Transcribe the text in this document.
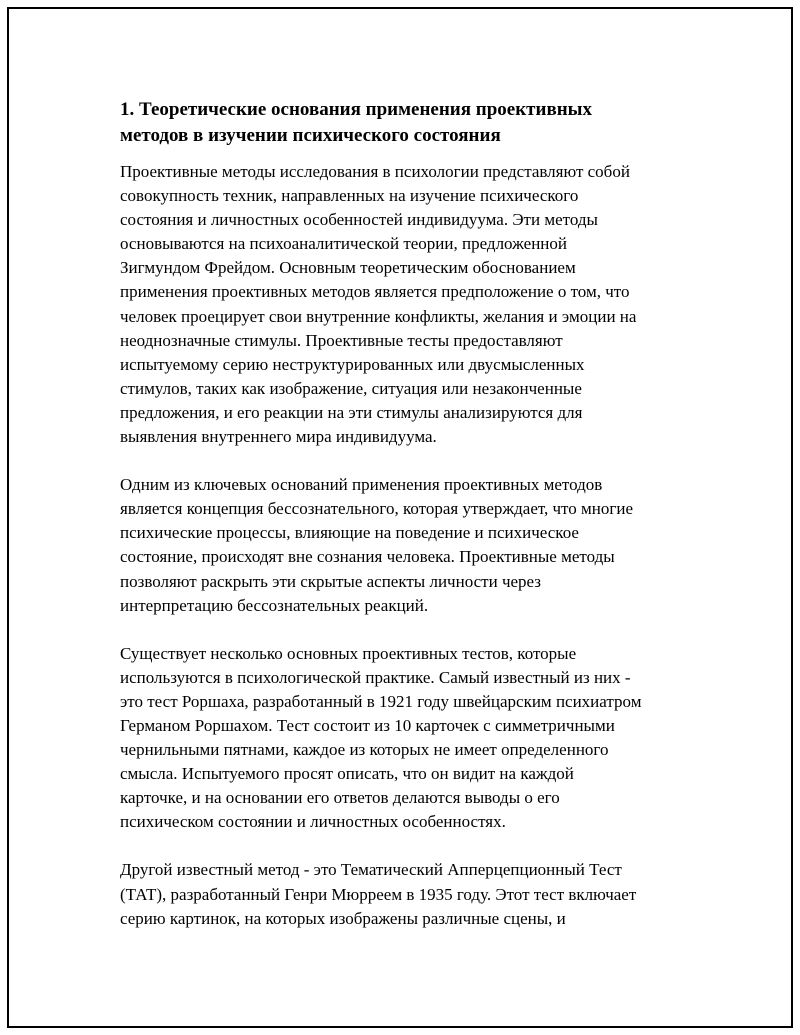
1. Теоретические основания применения проективных
методов в изучении психического состояния

Проективные методы исследования в психологии представляют собой
совокупность техник, направленных на изучение психического
состояния и личностных особенностей индивидуума. Эти методы
основываются на психоаналитической теории, предложенной
Зигмундом Фрейдом. Основным теоретическим обоснованием
применения проективных методов является предположение о том, что
человек проецирует свои внутренние конфликты, желания и эмоции на
неоднозначные стимулы. Проективные тесты предоставляют
испытуемому серию неструктурированных или двусмысленных
стимулов, таких как изображение, ситуация или незаконченные
предложения, и его реакции на эти стимулы анализируются для
выявления внутреннего мира индивидуума.

Одним из ключевых оснований применения проективных методов
является концепция бессознательного, которая утверждает, что многие
психические процессы, влияющие на поведение и психическое
состояние, происходят вне сознания человека. Проективные методы
позволяют раскрыть эти скрытые аспекты личности через
интерпретацию бессознательных реакций.

Существует несколько основных проективных тестов, которые
используются в психологической практике. Самый известный из них -
это тест Роршаха, разработанный в 1921 году швейцарским психиатром
Германом Роршахом. Тест состоит из 10 карточек с симметричными
чернильными пятнами, каждое из которых не имеет определенного
смысла. Испытуемого просят описать, что он видит на каждой
карточке, и на основании его ответов делаются выводы о его
психическом состоянии и личностных особенностях.

Другой известный метод - это Тематический Апперцепционный Тест
(ТАТ), разработанный Генри Мюрреем в 1935 году. Этот тест включает
серию картинок, на которых изображены различные сцены, и
